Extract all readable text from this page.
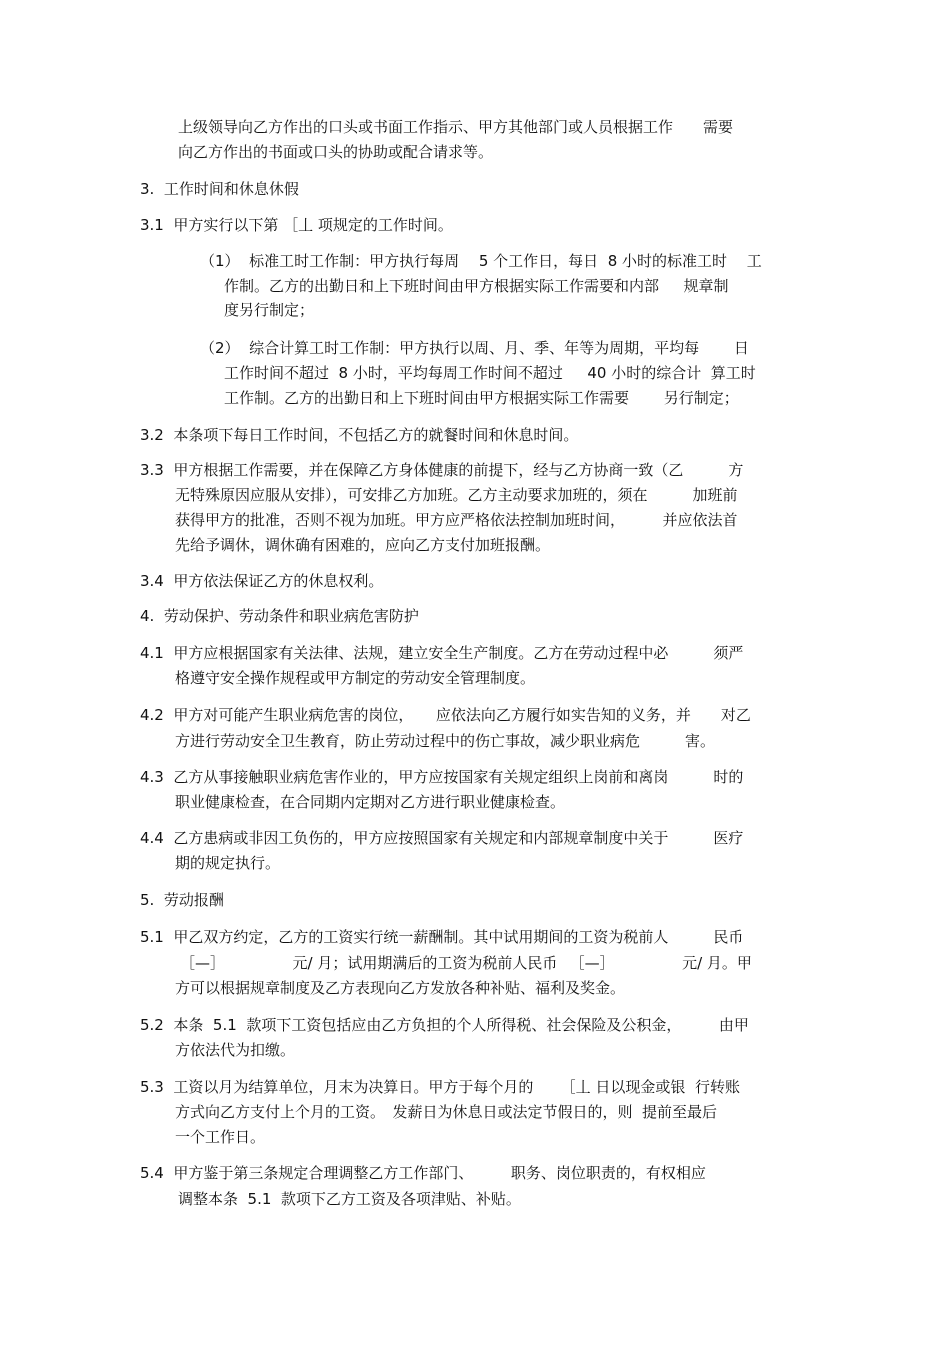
上级领导向乙方作出的口头或书面工作指示、甲方其他部门或人员根据工作　　需要
向乙方作出的书面或口头的协助或配合请求等。
3.  工作时间和休息休假
3.1  甲方实行以下第 ［丄 项规定的工作时间。
（1）  标准工时工作制：甲方执行每周 　5 个工作日，每日  8 小时的标准工时 　工
作制。乙方的出勤日和上下班时间由甲方根据实际工作需要和内部 　 规章制
度另行制定；
（2）  综合计算工时工作制：甲方执行以周、月、季、年等为周期，平均每 　　日
工作时间不超过  8 小时，平均每周工作时间不超过  　40 小时的综合计  算工时
工作制。乙方的出勤日和上下班时间由甲方根据实际工作需要 　　另行制定；
3.2  本条项下每日工作时间，不包括乙方的就餐时间和休息时间。
3.3  甲方根据工作需要，并在保障乙方身体健康的前提下，经与乙方协商一致（乙　　　方
无特殊原因应服从安排），可安排乙方加班。乙方主动要求加班的，须在　　　加班前
获得甲方的批准，否则不视为加班。甲方应严格依法控制加班时间，　　　并应依法首
先给予调休，调休确有困难的，应向乙方支付加班报酬。
3.4  甲方依法保证乙方的休息权利。
4.  劳动保护、劳动条件和职业病危害防护
4.1  甲方应根据国家有关法律、法规，建立安全生产制度。乙方在劳动过程中必　　　须严
格遵守安全操作规程或甲方制定的劳动安全管理制度。
4.2  甲方对可能产生职业病危害的岗位，　　应依法向乙方履行如实告知的义务，并　　对乙
方进行劳动安全卫生教育，防止劳动过程中的伤亡事故，减少职业病危　　　害。
4.3  乙方从事接触职业病危害作业的，甲方应按国家有关规定组织上岗前和离岗　　　时的
职业健康检查，在合同期内定期对乙方进行职业健康检查。
4.4  乙方患病或非因工负伤的，甲方应按照国家有关规定和内部规章制度中关于　　　医疗
期的规定执行。
5.  劳动报酬
5.1  甲乙双方约定，乙方的工资实行统一薪酬制。其中试用期间的工资为税前人　　　民币
［—］　　　　　元/ 月；试用期满后的工资为税前人民币 　［—］　　　　　元/ 月。甲
方可以根据规章制度及乙方表现向乙方发放各种补贴、福利及奖金。
5.2  本条  5.1  款项下工资包括应由乙方负担的个人所得税、社会保险及公积金，　　　由甲
方依法代为扣缴。
5.3  工资以月为结算单位，月末为决算日。甲方于每个月的 　　［丄 日以现金或银  行转账
方式向乙方支付上个月的工资。　发薪日为休息日或法定节假日的，则  提前至最后
一个工作日。
5.4  甲方鉴于第三条规定合理调整乙方工作部门、　　　职务、岗位职责的，有权相应
调整本条  5.1  款项下乙方工资及各项津贴、补贴。
